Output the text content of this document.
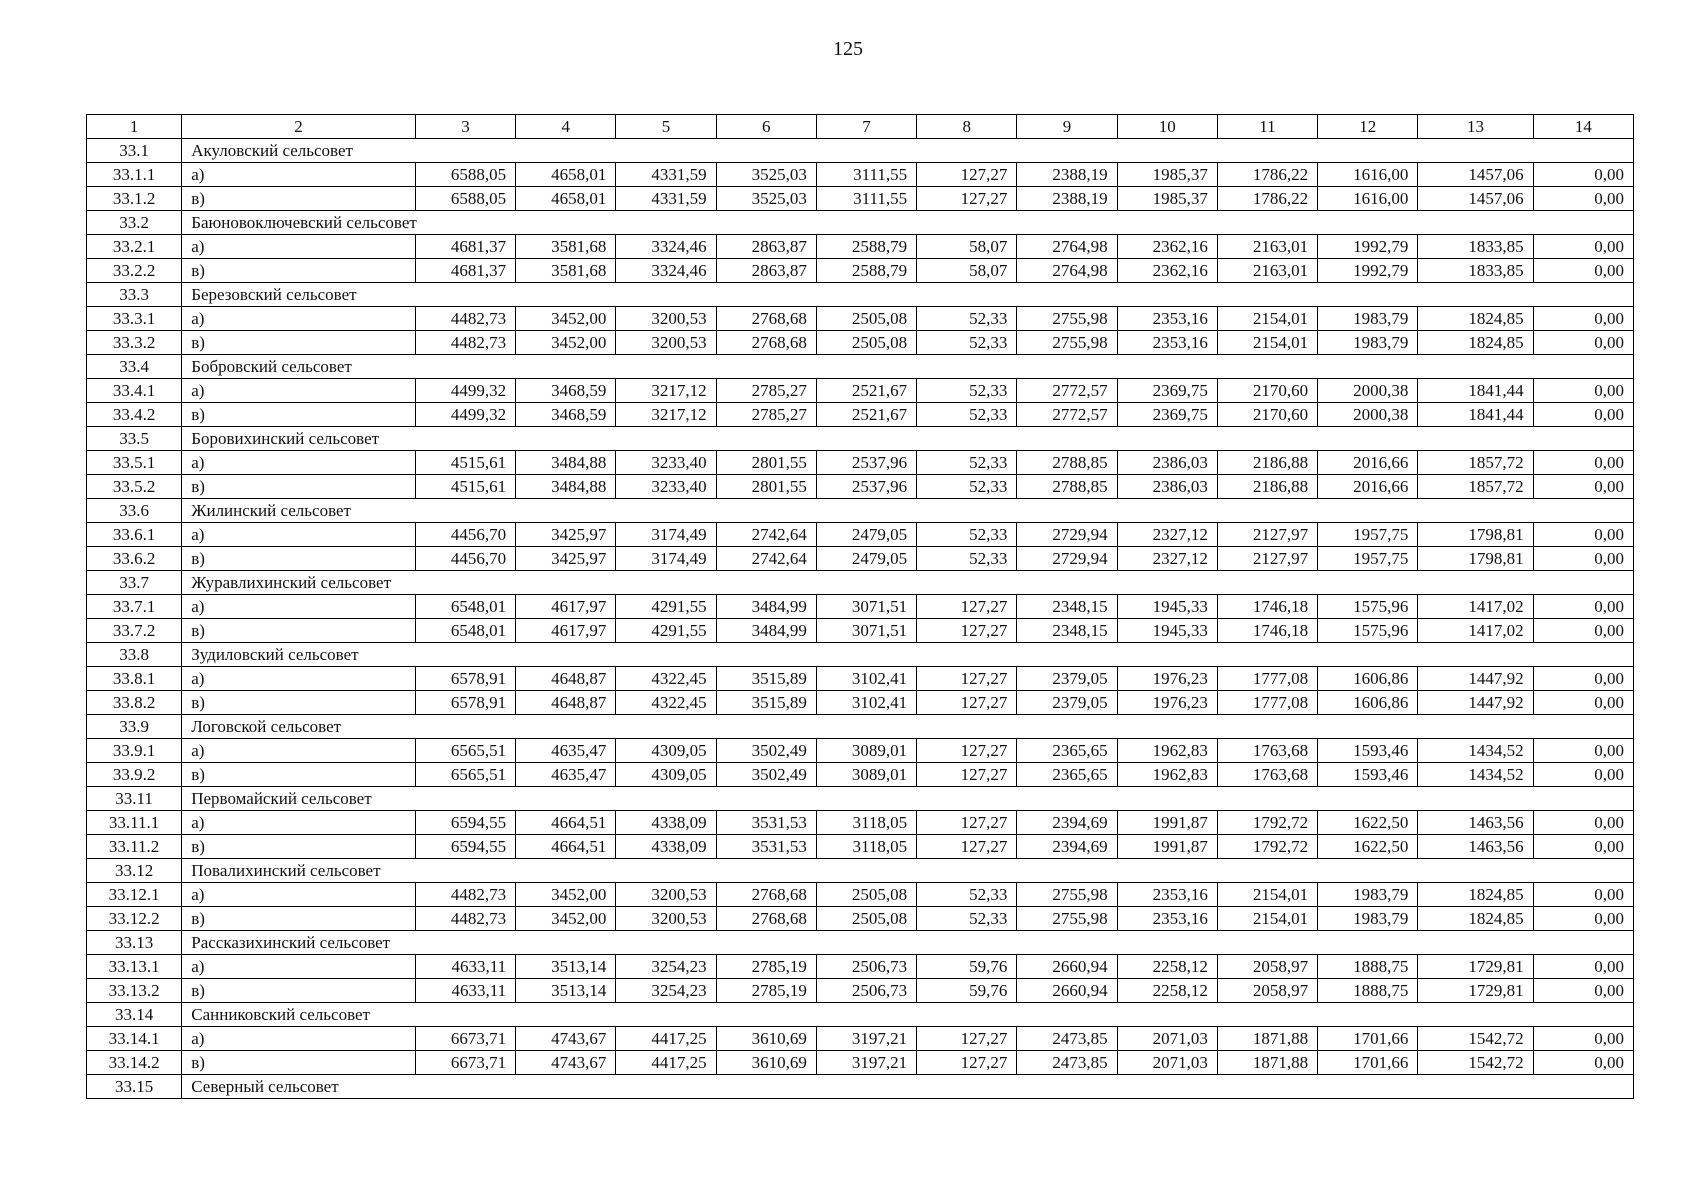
125
1	2	3	4	5	6	7	8	9	10	11	12	13	14
33.1	Акуловский сельсовет												
33.1.1	а)	6588,05	4658,01	4331,59	3525,03	3111,55	127,27	2388,19	1985,37	1786,22	1616,00	1457,06	0,00
33.1.2	в)	6588,05	4658,01	4331,59	3525,03	3111,55	127,27	2388,19	1985,37	1786,22	1616,00	1457,06	0,00
33.2	Баюновоключевский сельсовет												
33.2.1	а)	4681,37	3581,68	3324,46	2863,87	2588,79	58,07	2764,98	2362,16	2163,01	1992,79	1833,85	0,00
33.2.2	в)	4681,37	3581,68	3324,46	2863,87	2588,79	58,07	2764,98	2362,16	2163,01	1992,79	1833,85	0,00
33.3	Березовский сельсовет												
33.3.1	а)	4482,73	3452,00	3200,53	2768,68	2505,08	52,33	2755,98	2353,16	2154,01	1983,79	1824,85	0,00
33.3.2	в)	4482,73	3452,00	3200,53	2768,68	2505,08	52,33	2755,98	2353,16	2154,01	1983,79	1824,85	0,00
33.4	Бобровский сельсовет												
33.4.1	а)	4499,32	3468,59	3217,12	2785,27	2521,67	52,33	2772,57	2369,75	2170,60	2000,38	1841,44	0,00
33.4.2	в)	4499,32	3468,59	3217,12	2785,27	2521,67	52,33	2772,57	2369,75	2170,60	2000,38	1841,44	0,00
33.5	Боровихинский сельсовет												
33.5.1	а)	4515,61	3484,88	3233,40	2801,55	2537,96	52,33	2788,85	2386,03	2186,88	2016,66	1857,72	0,00
33.5.2	в)	4515,61	3484,88	3233,40	2801,55	2537,96	52,33	2788,85	2386,03	2186,88	2016,66	1857,72	0,00
33.6	Жилинский сельсовет												
33.6.1	а)	4456,70	3425,97	3174,49	2742,64	2479,05	52,33	2729,94	2327,12	2127,97	1957,75	1798,81	0,00
33.6.2	в)	4456,70	3425,97	3174,49	2742,64	2479,05	52,33	2729,94	2327,12	2127,97	1957,75	1798,81	0,00
33.7	Журавлихинский сельсовет												
33.7.1	а)	6548,01	4617,97	4291,55	3484,99	3071,51	127,27	2348,15	1945,33	1746,18	1575,96	1417,02	0,00
33.7.2	в)	6548,01	4617,97	4291,55	3484,99	3071,51	127,27	2348,15	1945,33	1746,18	1575,96	1417,02	0,00
33.8	Зудиловский сельсовет												
33.8.1	а)	6578,91	4648,87	4322,45	3515,89	3102,41	127,27	2379,05	1976,23	1777,08	1606,86	1447,92	0,00
33.8.2	в)	6578,91	4648,87	4322,45	3515,89	3102,41	127,27	2379,05	1976,23	1777,08	1606,86	1447,92	0,00
33.9	Логовской сельсовет												
33.9.1	а)	6565,51	4635,47	4309,05	3502,49	3089,01	127,27	2365,65	1962,83	1763,68	1593,46	1434,52	0,00
33.9.2	в)	6565,51	4635,47	4309,05	3502,49	3089,01	127,27	2365,65	1962,83	1763,68	1593,46	1434,52	0,00
33.11	Первомайский сельсовет												
33.11.1	а)	6594,55	4664,51	4338,09	3531,53	3118,05	127,27	2394,69	1991,87	1792,72	1622,50	1463,56	0,00
33.11.2	в)	6594,55	4664,51	4338,09	3531,53	3118,05	127,27	2394,69	1991,87	1792,72	1622,50	1463,56	0,00
33.12	Повалихинский сельсовет												
33.12.1	а)	4482,73	3452,00	3200,53	2768,68	2505,08	52,33	2755,98	2353,16	2154,01	1983,79	1824,85	0,00
33.12.2	в)	4482,73	3452,00	3200,53	2768,68	2505,08	52,33	2755,98	2353,16	2154,01	1983,79	1824,85	0,00
33.13	Рассказихинский сельсовет												
33.13.1	а)	4633,11	3513,14	3254,23	2785,19	2506,73	59,76	2660,94	2258,12	2058,97	1888,75	1729,81	0,00
33.13.2	в)	4633,11	3513,14	3254,23	2785,19	2506,73	59,76	2660,94	2258,12	2058,97	1888,75	1729,81	0,00
33.14	Санниковский сельсовет												
33.14.1	а)	6673,71	4743,67	4417,25	3610,69	3197,21	127,27	2473,85	2071,03	1871,88	1701,66	1542,72	0,00
33.14.2	в)	6673,71	4743,67	4417,25	3610,69	3197,21	127,27	2473,85	2071,03	1871,88	1701,66	1542,72	0,00
33.15	Северный сельсовет												
